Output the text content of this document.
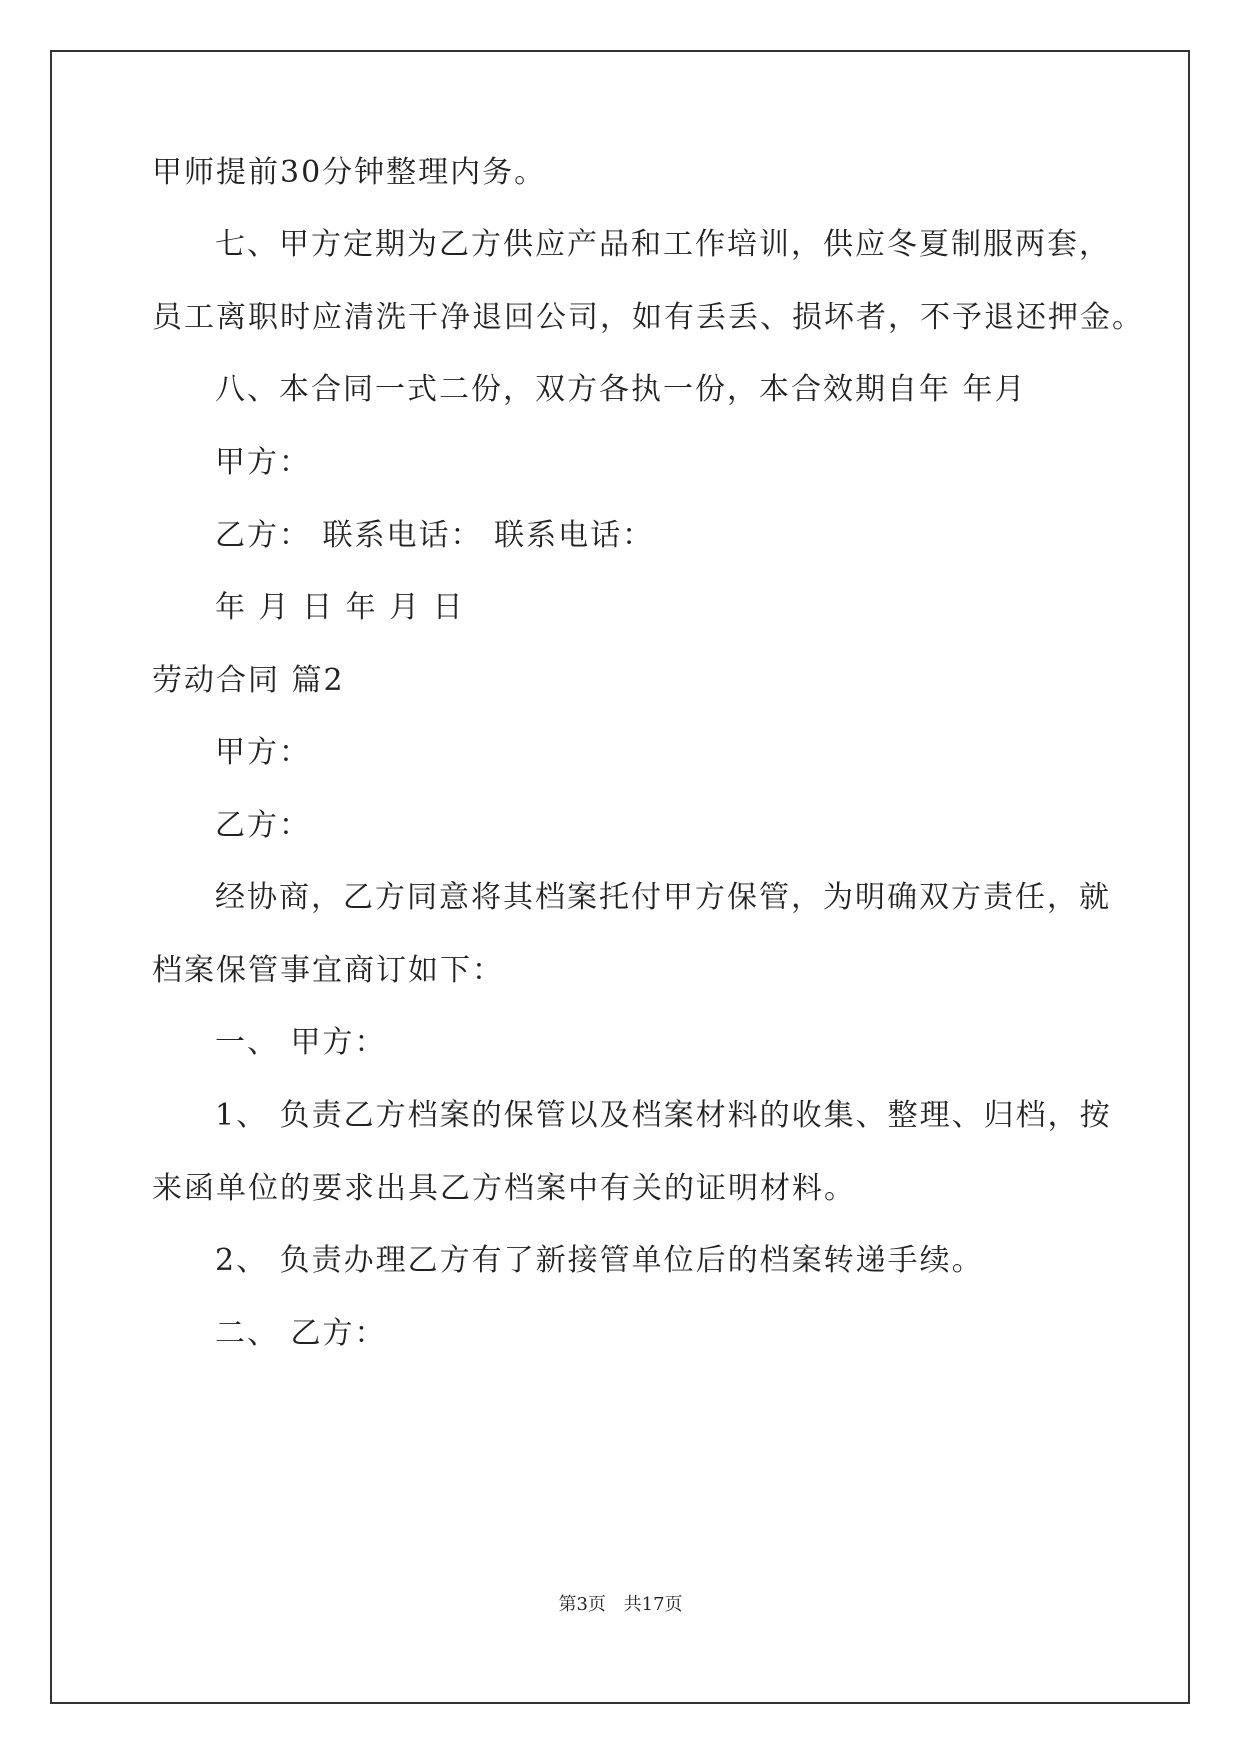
甲师提前30分钟整理内务。
七、甲方定期为乙方供应产品和工作培训，供应冬夏制服两套，
员工离职时应清洗干净退回公司，如有丢丢、损坏者，不予退还押金。
八、本合同一式二份，双方各执一份，本合效期自年 年月
甲方：
乙方： 联系电话： 联系电话：
年 月 日 年 月 日
劳动合同 篇2
甲方：
乙方：
经协商，乙方同意将其档案托付甲方保管，为明确双方责任，就
档案保管事宜商订如下：
一、 甲方：
1、 负责乙方档案的保管以及档案材料的收集、整理、归档，按
来函单位的要求出具乙方档案中有关的证明材料。
2、 负责办理乙方有了新接管单位后的档案转递手续。
二、 乙方：
第3页 共17页
